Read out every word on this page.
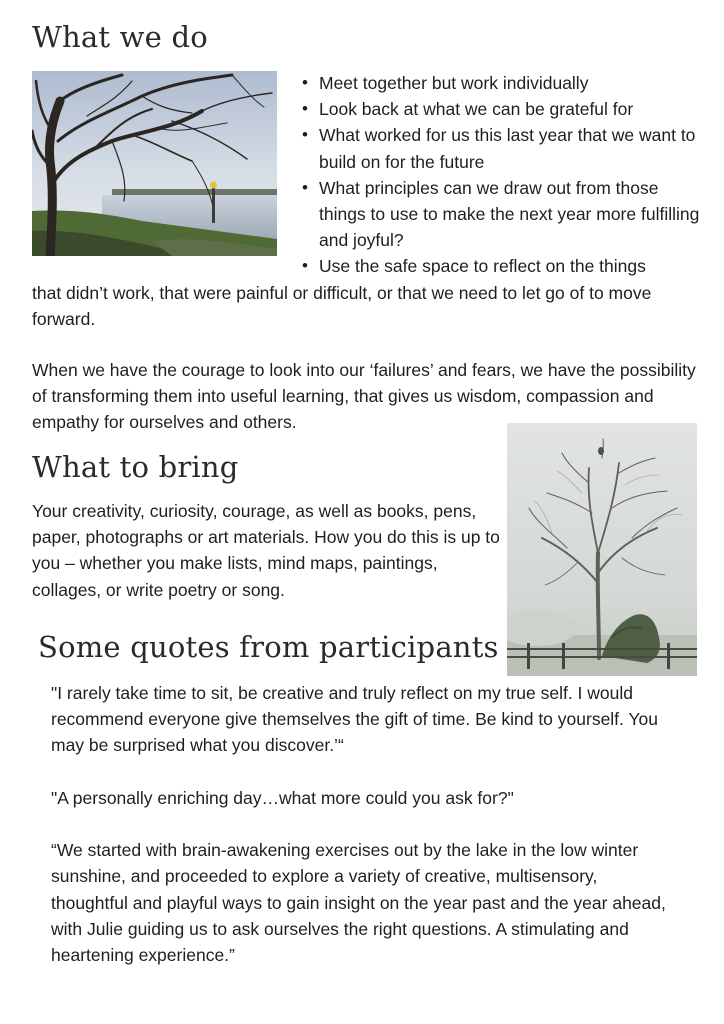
What we do
• Meet together but work individually
• Look back at what we can be grateful for
• What worked for us this last year that we want to build on for the future
• What principles can we draw out from those things to use to make the next year more fulfilling and joyful?
• Use the safe space to reflect on the things
that didn’t work, that were painful or difficult, or that we need to let go of to move forward.
When we have the courage to look into our ‘failures’ and fears, we have the possibility of transforming them into useful learning, that gives us wisdom, compassion and empathy for ourselves and others.
What to bring
Your creativity, curiosity, courage, as well as books, pens, paper, photographs or art materials. How you do this is up to you – whether you make lists, mind maps, paintings, collages, or write poetry or song.
Some quotes from participants

"I rarely take time to sit, be creative and truly reflect on my true self. I would recommend everyone give themselves the gift of time. Be kind to yourself. You may be surprised what you discover.’“

"A personally enriching day…what more could you ask for?"

“We started with brain-awakening exercises out by the lake in the low winter sunshine, and proceeded to explore a variety of creative, multisensory, thoughtful and playful ways to gain insight on the year past and the year ahead, with Julie guiding us to ask ourselves the right questions. A stimulating and heartening experience.”
